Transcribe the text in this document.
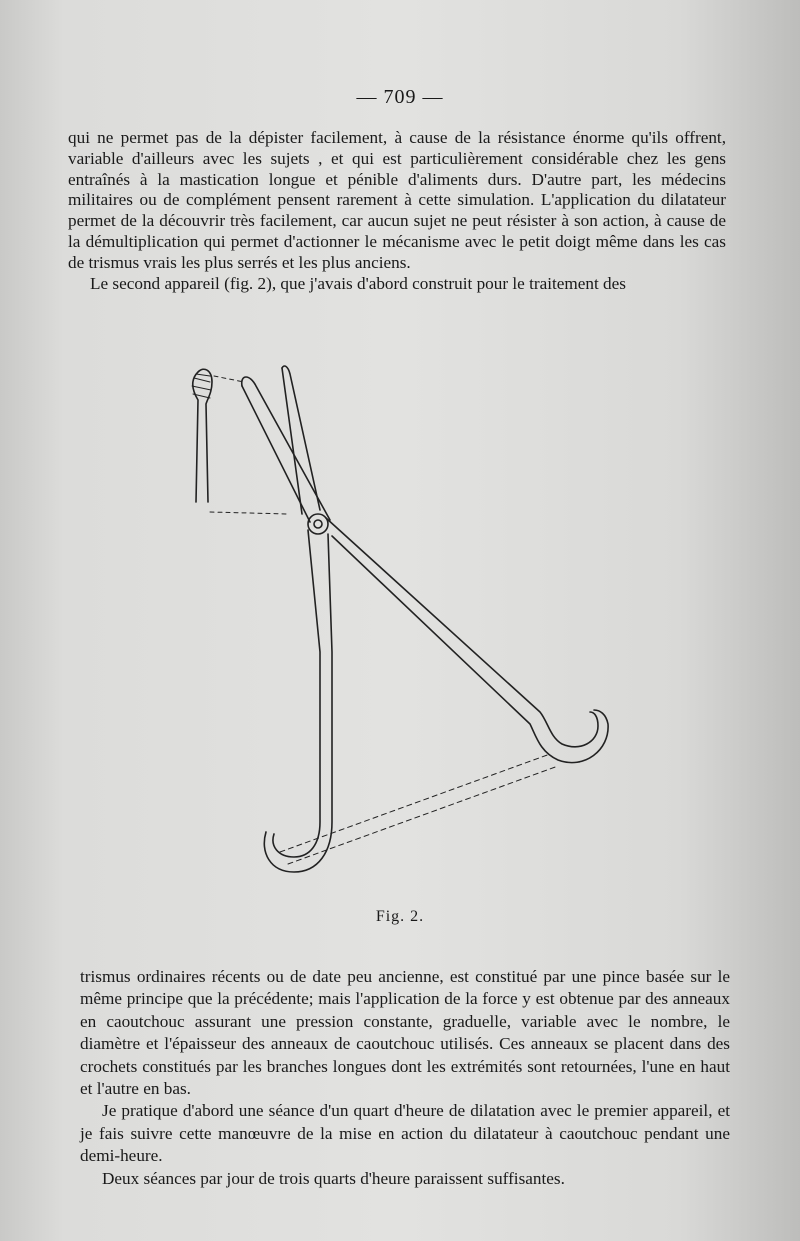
— 709 —

qui ne permet pas de la dépister facilement, à cause de la résistance énorme qu'ils offrent, variable d'ailleurs avec les sujets , et qui est particulièrement considérable chez les gens entraînés à la mastication longue et pénible d'aliments durs. D'autre part, les médecins militaires ou de complément pensent rarement à cette simulation. L'application du dilatateur permet de la découvrir très facilement, car aucun sujet ne peut résister à son action, à cause de la démultiplication qui permet d'actionner le mécanisme avec le petit doigt même dans les cas de trismus vrais les plus serrés et les plus anciens.

Le second appareil (fig. 2), que j'avais d'abord construit pour le traitement des

Fig. 2.

trismus ordinaires récents ou de date peu ancienne, est constitué par une pince basée sur le même principe que la précédente; mais l'application de la force y est obtenue par des anneaux en caoutchouc assurant une pression constante, graduelle, variable avec le nombre, le diamètre et l'épaisseur des anneaux de caoutchouc utilisés. Ces anneaux se placent dans des crochets constitués par les branches longues dont les extrémités sont retournées, l'une en haut et l'autre en bas.

Je pratique d'abord une séance d'un quart d'heure de dilatation avec le premier appareil, et je fais suivre cette manœuvre de la mise en action du dilatateur à caoutchouc pendant une demi-heure.

Deux séances par jour de trois quarts d'heure paraissent suffisantes.
